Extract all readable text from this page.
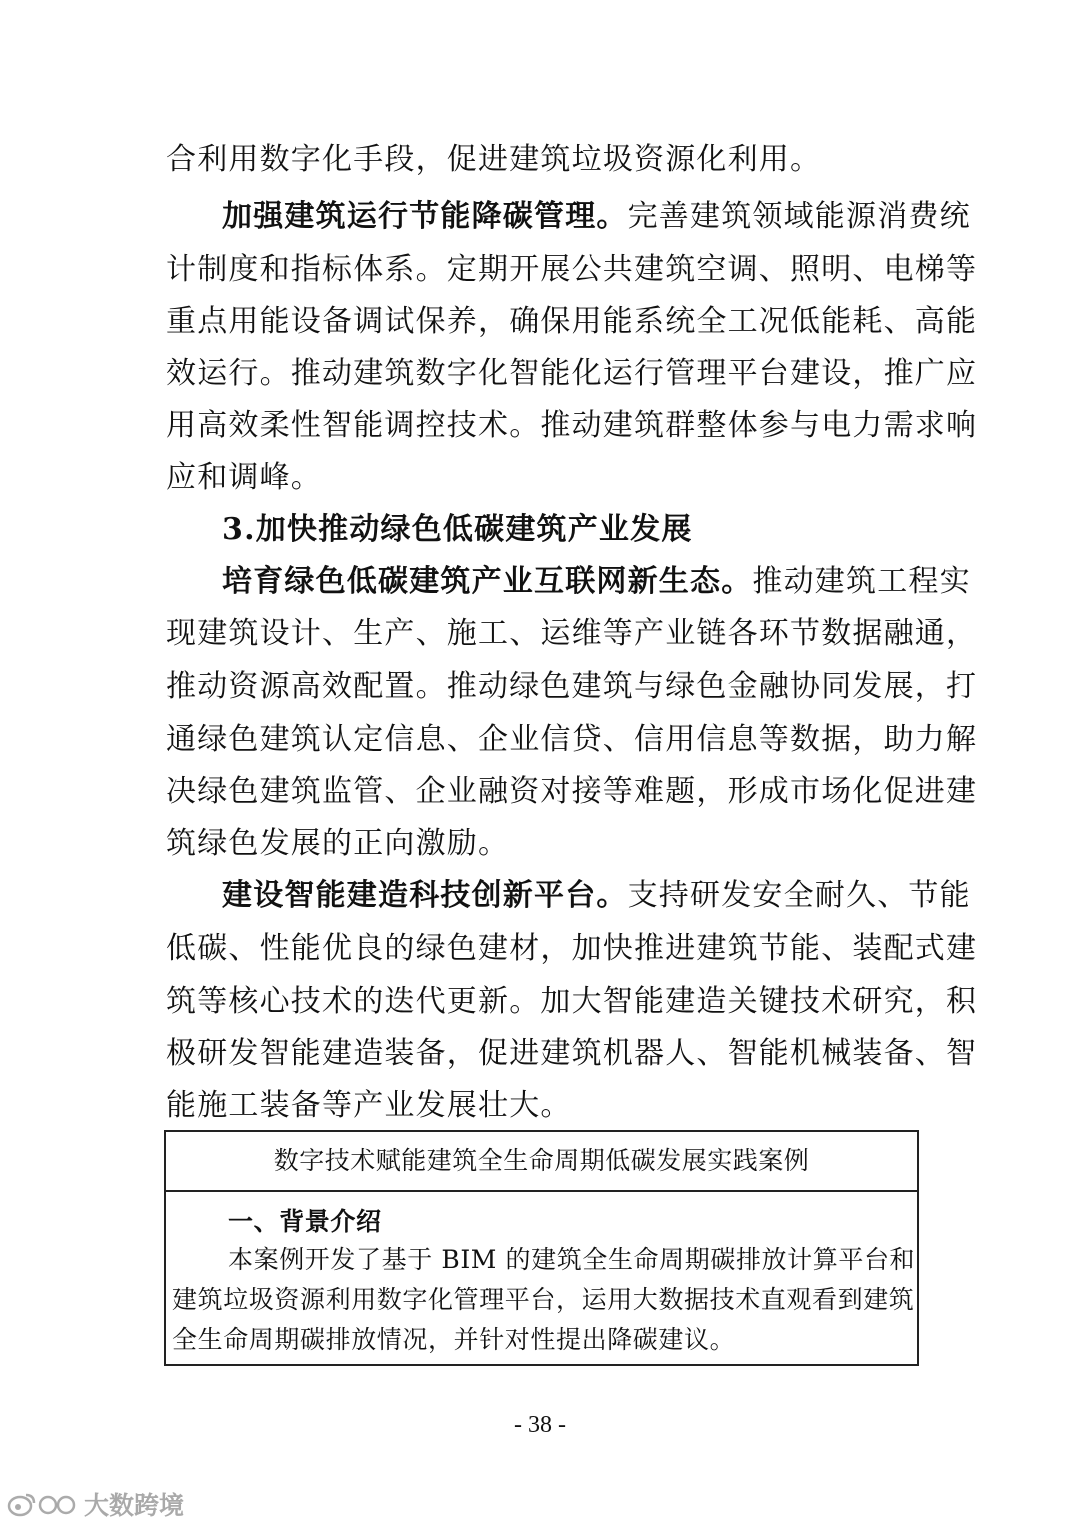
合利用数字化手段，促进建筑垃圾资源化利用。
加强建筑运行节能降碳管理。完善建筑领域能源消费统
计制度和指标体系。定期开展公共建筑空调、照明、电梯等
重点用能设备调试保养，确保用能系统全工况低能耗、高能
效运行。推动建筑数字化智能化运行管理平台建设，推广应
用高效柔性智能调控技术。推动建筑群整体参与电力需求响
应和调峰。
3.加快推动绿色低碳建筑产业发展
培育绿色低碳建筑产业互联网新生态。推动建筑工程实
现建筑设计、生产、施工、运维等产业链各环节数据融通，
推动资源高效配置。推动绿色建筑与绿色金融协同发展，打
通绿色建筑认定信息、企业信贷、信用信息等数据，助力解
决绿色建筑监管、企业融资对接等难题，形成市场化促进建
筑绿色发展的正向激励。
建设智能建造科技创新平台。支持研发安全耐久、节能
低碳、性能优良的绿色建材，加快推进建筑节能、装配式建
筑等核心技术的迭代更新。加大智能建造关键技术研究，积
极研发智能建造装备，促进建筑机器人、智能机械装备、智
能施工装备等产业发展壮大。
数字技术赋能建筑全生命周期低碳发展实践案例
一、背景介绍
本案例开发了基于 BIM 的建筑全生命周期碳排放计算平台和
建筑垃圾资源利用数字化管理平台，运用大数据技术直观看到建筑
全生命周期碳排放情况，并针对性提出降碳建议。
- 38 -
大数跨境
